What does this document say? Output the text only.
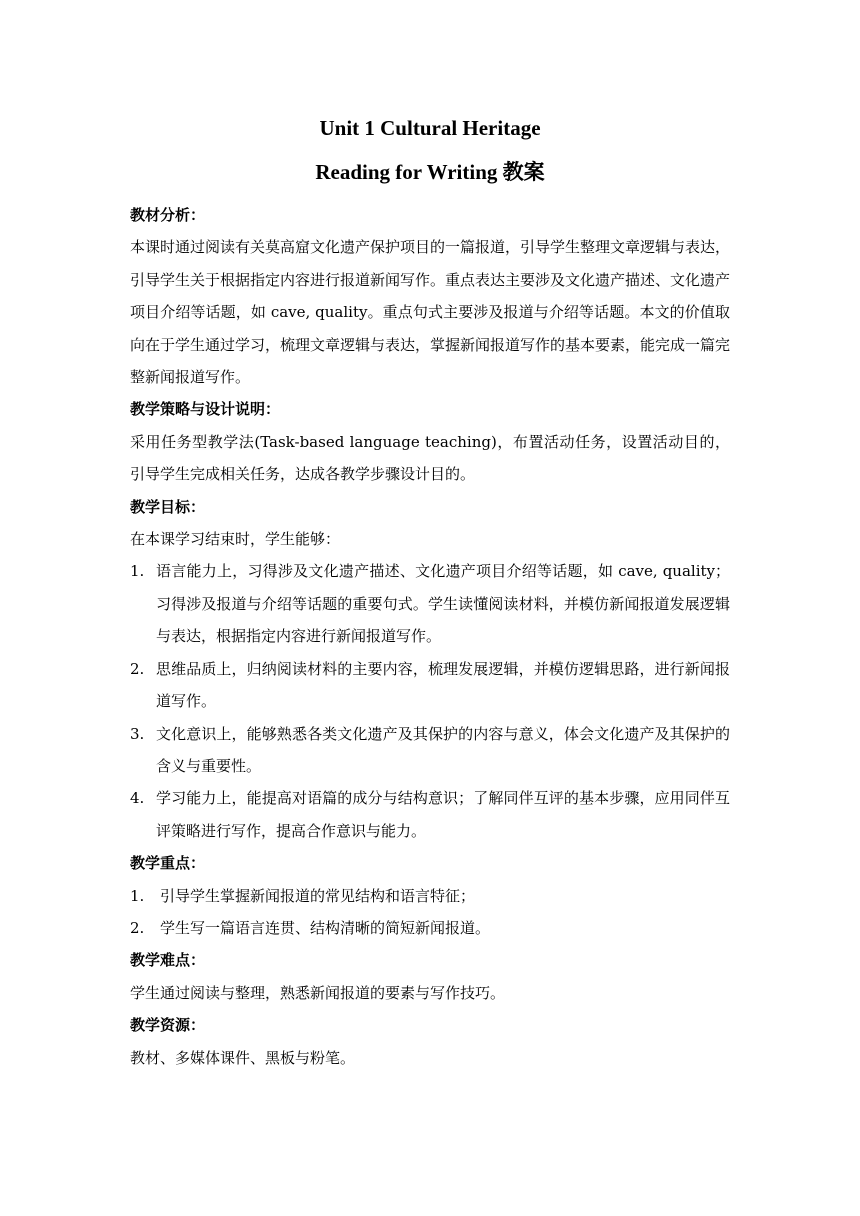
Unit 1 Cultural Heritage
Reading for Writing 教案
教材分析：
本课时通过阅读有关莫高窟文化遗产保护项目的一篇报道，引导学生整理文章逻辑与表达，引导学生关于根据指定内容进行报道新闻写作。重点表达主要涉及文化遗产描述、文化遗产项目介绍等话题，如 cave, quality。重点句式主要涉及报道与介绍等话题。本文的价值取向在于学生通过学习，梳理文章逻辑与表达，掌握新闻报道写作的基本要素，能完成一篇完整新闻报道写作。
教学策略与设计说明：
采用任务型教学法(Task-based language teaching)，布置活动任务，设置活动目的，引导学生完成相关任务，达成各教学步骤设计目的。
教学目标：
在本课学习结束时，学生能够：
1. 语言能力上，习得涉及文化遗产描述、文化遗产项目介绍等话题，如 cave, quality；习得涉及报道与介绍等话题的重要句式。学生读懂阅读材料，并模仿新闻报道发展逻辑与表达，根据指定内容进行新闻报道写作。
2. 思维品质上，归纳阅读材料的主要内容，梳理发展逻辑，并模仿逻辑思路，进行新闻报道写作。
3. 文化意识上，能够熟悉各类文化遗产及其保护的内容与意义，体会文化遗产及其保护的含义与重要性。
4. 学习能力上，能提高对语篇的成分与结构意识；了解同伴互评的基本步骤，应用同伴互评策略进行写作，提高合作意识与能力。
教学重点：
1. 引导学生掌握新闻报道的常见结构和语言特征；
2. 学生写一篇语言连贯、结构清晰的简短新闻报道。
教学难点：
学生通过阅读与整理，熟悉新闻报道的要素与写作技巧。
教学资源：
教材、多媒体课件、黑板与粉笔。
